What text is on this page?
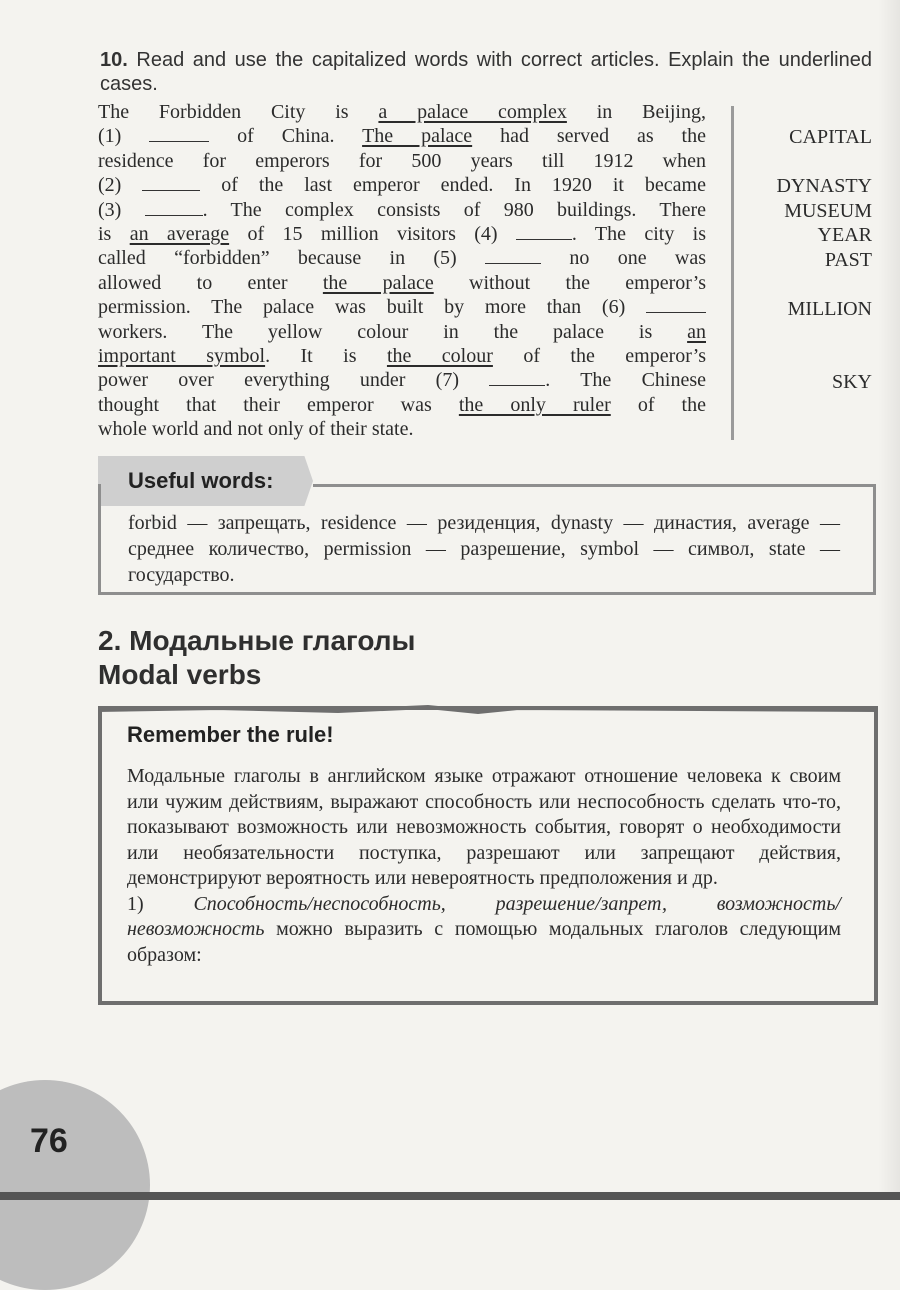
10. Read and use the capitalized words with correct articles. Explain the underlined cases.
The Forbidden City is a palace complex in Beijing,
(1)	of China. The palace had served as the
residence for emperors for 500 years till 1912 when
(2)	of the last emperor ended. In 1920 it became
(3)	. The complex consists of 980 buildings. There
is an average of 15 million visitors (4)	. The city is
called “forbidden” because in (5)	no one was
allowed to enter the palace without the emperor’s
permission. The palace was built by more than (6)
workers. The yellow colour in the palace is an
important symbol. It is the colour of the emperor’s
power over everything under (7)	. The Chinese
thought that their emperor was the only ruler of the
whole world and not only of their state.
CAPITAL
DYNASTY
MUSEUM
YEAR
PAST
MILLION
SKY
Useful words:
forbid — запрещать, residence — резиденция, dynasty — династия, average — среднее количество, permission — разрешение, symbol — символ, state — государство.
2. Модальные глаголы
Modal verbs
Remember the rule!
Модальные глаголы в английском языке отражают отношение человека к своим или чужим действиям, выражают способность или неспособность сделать что-то, показывают возможность или невозможность события, говорят о необходимости или необязательности поступка, разрешают или запрещают действия, демонстрируют вероятность или невероятность предположения и др.
1) Способность/неспособность, разрешение/запрет, возможность/невозможность можно выразить с помощью модальных глаголов следующим образом:
76
